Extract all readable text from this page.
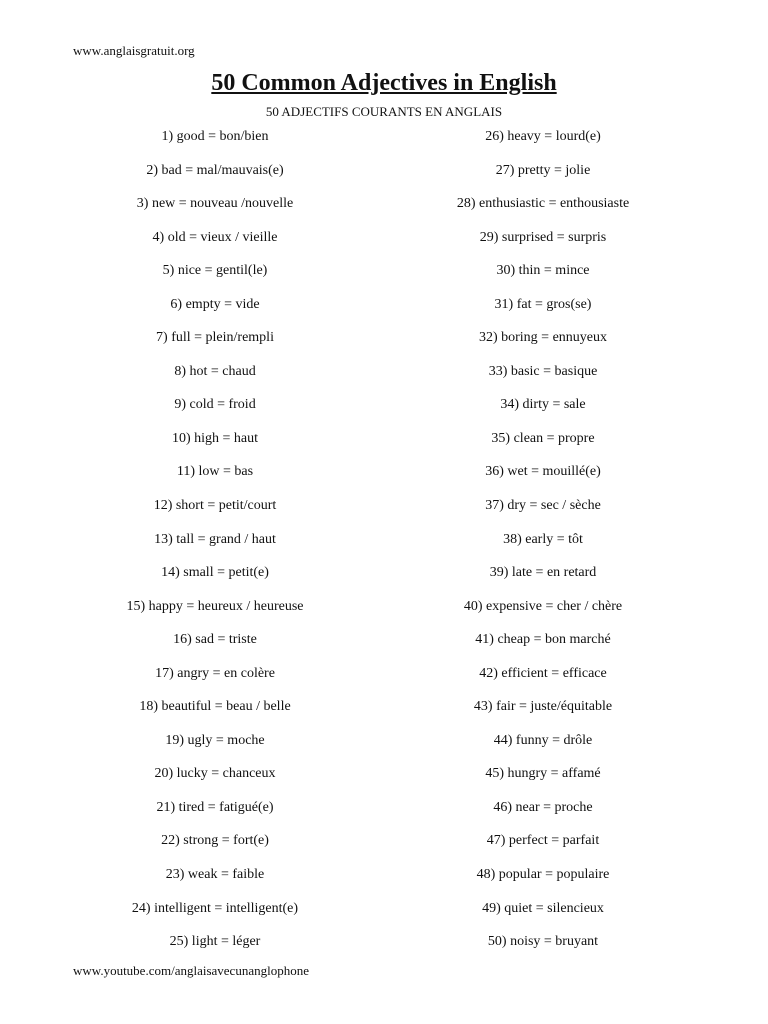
www.anglaisgratuit.org
50 Common Adjectives in English
50 ADJECTIFS COURANTS EN ANGLAIS
1) good = bon/bien
2) bad = mal/mauvais(e)
3) new = nouveau /nouvelle
4) old = vieux / vieille
5) nice = gentil(le)
6) empty = vide
7) full = plein/rempli
8) hot = chaud
9) cold = froid
10) high = haut
11) low = bas
12) short = petit/court
13) tall = grand / haut
14) small = petit(e)
15) happy = heureux / heureuse
16) sad = triste
17) angry = en colère
18) beautiful = beau / belle
19) ugly = moche
20) lucky = chanceux
21) tired = fatigué(e)
22) strong = fort(e)
23) weak = faible
24) intelligent = intelligent(e)
25) light = léger
26) heavy = lourd(e)
27) pretty = jolie
28) enthusiastic = enthousiaste
29) surprised = surpris
30) thin = mince
31) fat = gros(se)
32) boring = ennuyeux
33) basic = basique
34) dirty = sale
35) clean = propre
36) wet = mouillé(e)
37) dry = sec / sèche
38) early = tôt
39) late = en retard
40) expensive = cher / chère
41) cheap = bon marché
42) efficient = efficace
43) fair = juste/équitable
44) funny = drôle
45) hungry = affamé
46) near = proche
47) perfect = parfait
48) popular = populaire
49) quiet = silencieux
50) noisy = bruyant
www.youtube.com/anglaisavecunanglophone
